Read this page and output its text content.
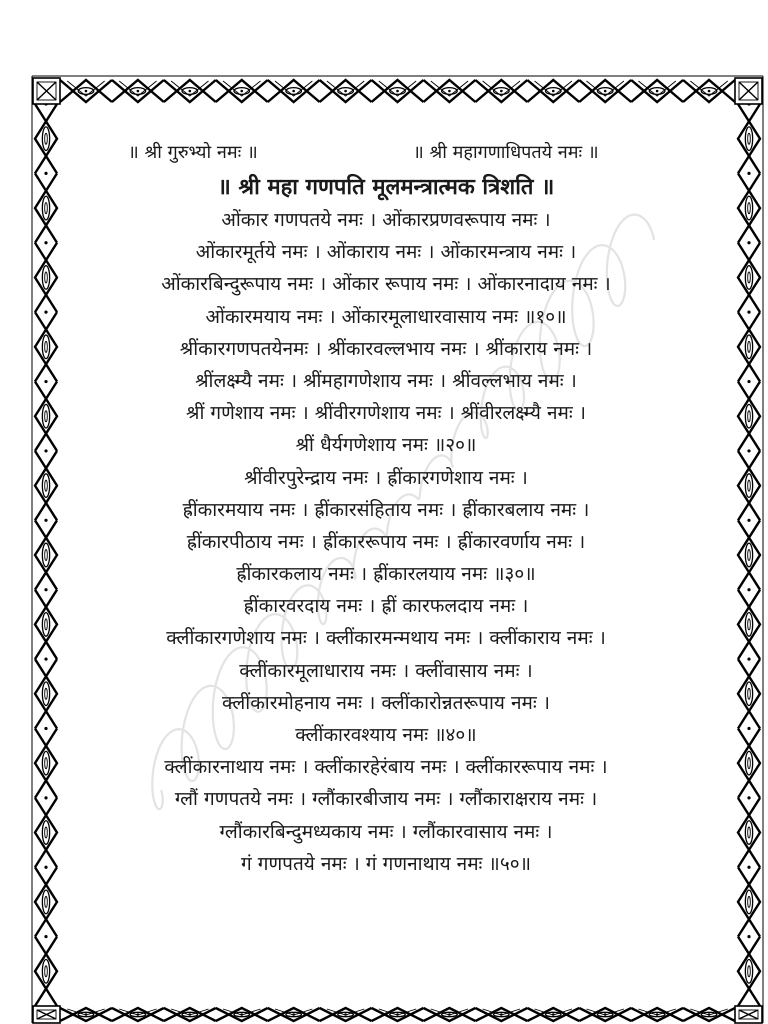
॥ श्री गुरुभ्यो नमः ॥	॥ श्री महागणाधिपतये नमः ॥
॥ श्री महा गणपति मूलमन्त्रात्मक त्रिशति ॥
ओंकार गणपतये नमः । ओंकारप्रणवरूपाय नमः ।
ओंकारमूर्तये नमः । ओंकाराय नमः । ओंकारमन्त्राय नमः ।
ओंकारबिन्दुरूपाय नमः । ओंकार रूपाय नमः । ओंकारनादाय नमः ।
ओंकारमयाय नमः । ओंकारमूलाधारवासाय नमः ॥१०॥
श्रींकारगणपतयेनमः । श्रींकारवल्लभाय नमः । श्रींकाराय नमः ।
श्रींलक्ष्म्यै नमः । श्रींमहागणेशाय नमः । श्रींवल्लभाय नमः ।
श्रीं गणेशाय नमः । श्रींवीरगणेशाय नमः । श्रींवीरलक्ष्म्यै नमः ।
श्रीं धैर्यगणेशाय नमः ॥२०॥
श्रींवीरपुरेन्द्राय नमः । ह्रींकारगणेशाय नमः ।
ह्रींकारमयाय नमः । ह्रींकारसंहिताय नमः । ह्रींकारबलाय नमः ।
ह्रींकारपीठाय नमः । ह्रींकाररूपाय नमः । ह्रींकारवर्णाय नमः ।
ह्रींकारकलाय नमः । ह्रींकारलयाय नमः ॥३०॥
ह्रींकारवरदाय नमः । ह्रीं कारफलदाय नमः ।
क्लींकारगणेशाय नमः । क्लींकारमन्मथाय नमः । क्लींकाराय नमः ।
क्लींकारमूलाधाराय नमः । क्लींवासाय नमः ।
क्लींकारमोहनाय नमः । क्लींकारोन्नतरूपाय नमः ।
क्लींकारवश्याय नमः ॥४०॥
क्लींकारनाथाय नमः । क्लींकारहेरंबाय नमः । क्लींकाररूपाय नमः ।
ग्लौं गणपतये नमः । ग्लौंकारबीजाय नमः । ग्लौंकाराक्षराय नमः ।
ग्लौंकारबिन्दुमध्यकाय नमः । ग्लौंकारवासाय नमः ।
गं गणपतये नमः । गं गणनाथाय नमः ॥५०॥
